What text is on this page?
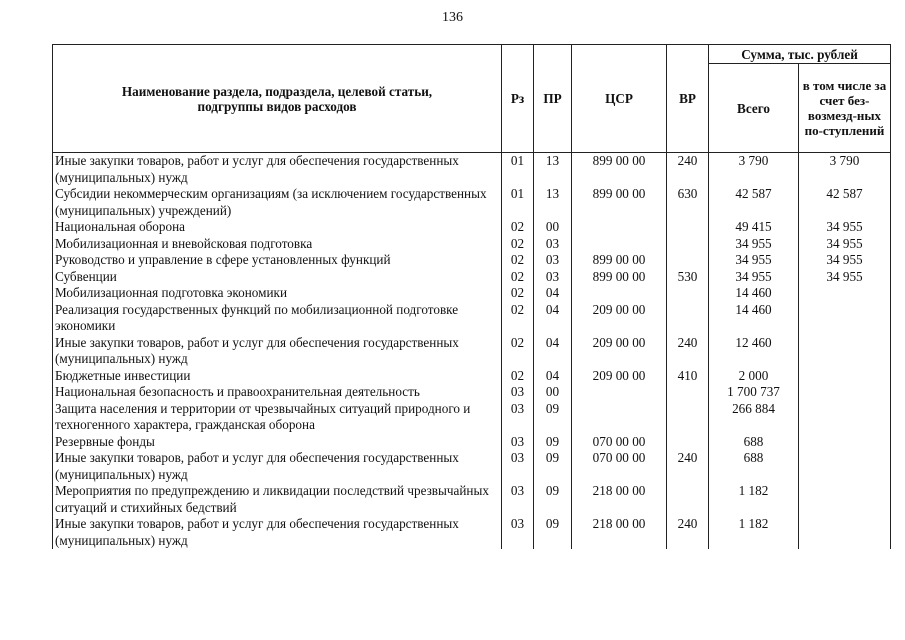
136
Наименование раздела, подраздела, целевой статьи, подгруппы видов расходов	Рз	ПР	ЦСР	ВР	Сумма, тыс. рублей	
					Всего	в том числе за счет без-возмезд-ных по-ступлений
Иные закупки товаров, работ и услуг для обеспечения государственных (муниципальных) нужд	01	13	899 00 00	240	3 790	3 790
Субсидии некоммерческим организациям (за исключением государственных (муниципальных) учреждений)	01	13	899 00 00	630	42 587	42 587
Национальная оборона	02	00			49 415	34 955
Мобилизационная и вневойсковая подготовка	02	03			34 955	34 955
Руководство и управление в сфере установленных функций	02	03	899 00 00		34 955	34 955
Субвенции	02	03	899 00 00	530	34 955	34 955
Мобилизационная подготовка экономики	02	04			14 460	
Реализация государственных функций по мобилизационной подготовке экономики	02	04	209 00 00		14 460	
Иные закупки товаров, работ и услуг для обеспечения государственных (муниципальных) нужд	02	04	209 00 00	240	12 460	
Бюджетные инвестиции	02	04	209 00 00	410	2 000	
Национальная безопасность и правоохранительная деятельность	03	00			1 700 737	
Защита населения и территории от чрезвычайных ситуаций природного и техногенного характера, гражданская оборона	03	09			266 884	
Резервные фонды	03	09	070 00 00		688	
Иные закупки товаров, работ и услуг для обеспечения государственных (муниципальных) нужд	03	09	070 00 00	240	688	
Мероприятия по предупреждению и ликвидации последствий чрезвычайных ситуаций и стихийных бедствий	03	09	218 00 00		1 182	
Иные закупки товаров, работ и услуг для обеспечения государственных (муниципальных) нужд	03	09	218 00 00	240	1 182	
